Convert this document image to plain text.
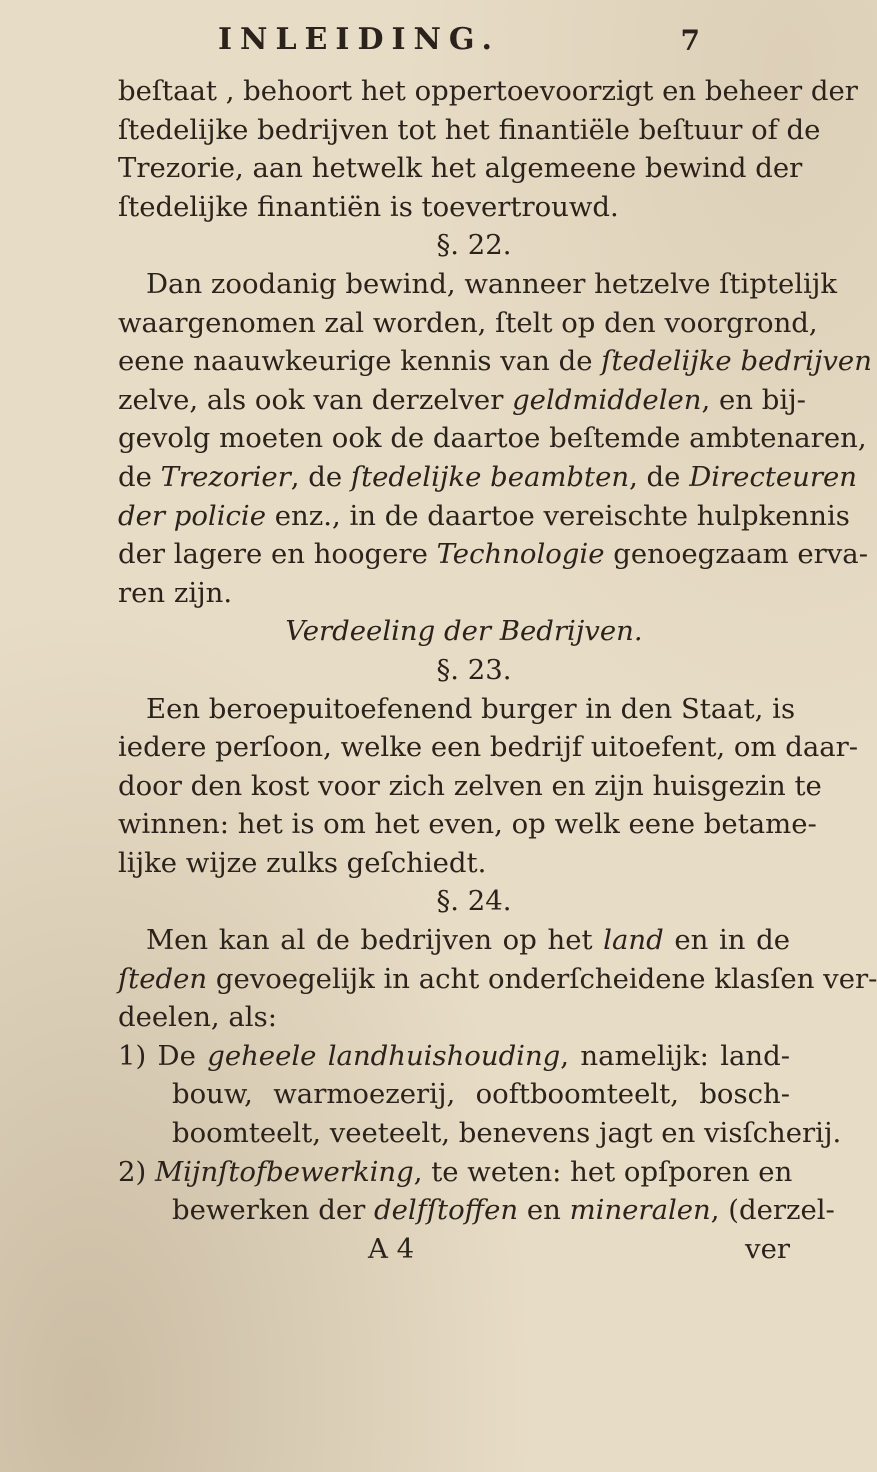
INLEIDING.	7
beſtaat , behoort het oppertoevoorzigt en beheer der
ſtedelijke bedrijven tot het finantiële beſtuur of de
Trezorie, aan hetwelk het algemeene bewind der
ſtedelijke finantiën is toevertrouwd.
§. 22.
Dan zoodanig bewind, wanneer hetzelve ſtiptelijk
waargenomen zal worden, ſtelt op den voorgrond,
eene naauwkeurige kennis van de ſtedelijke bedrijven
zelve, als ook van derzelver geldmiddelen, en bij-
gevolg moeten ook de daartoe beſtemde ambtenaren,
de Trezorier, de ſtedelijke beambten, de Directeuren
der policie enz., in de daartoe vereischte hulpkennis
der lagere en hoogere Technologie genoegzaam erva-
ren zijn.
Verdeeling der Bedrijven.
§. 23.
Een beroepuitoefenend burger in den Staat, is
iedere perſoon, welke een bedrijf uitoefent, om daar-
door den kost voor zich zelven en zijn huisgezin te
winnen: het is om het even, op welk eene betame-
lijke wijze zulks geſchiedt.
§. 24.
Men kan al de bedrijven op het land en in de
ſteden gevoegelijk in acht onderſcheidene klasſen ver-
deelen, als:
1) De geheele landhuishouding, namelijk: land-
bouw, warmoezerij, ooftboomteelt, bosch-
boomteelt, veeteelt, benevens jagt en visſcherij.
2) Mijnſtofbewerking, te weten: het opſporen en
bewerken der delfſtoffen en mineralen, (derzel-
A 4	ver
